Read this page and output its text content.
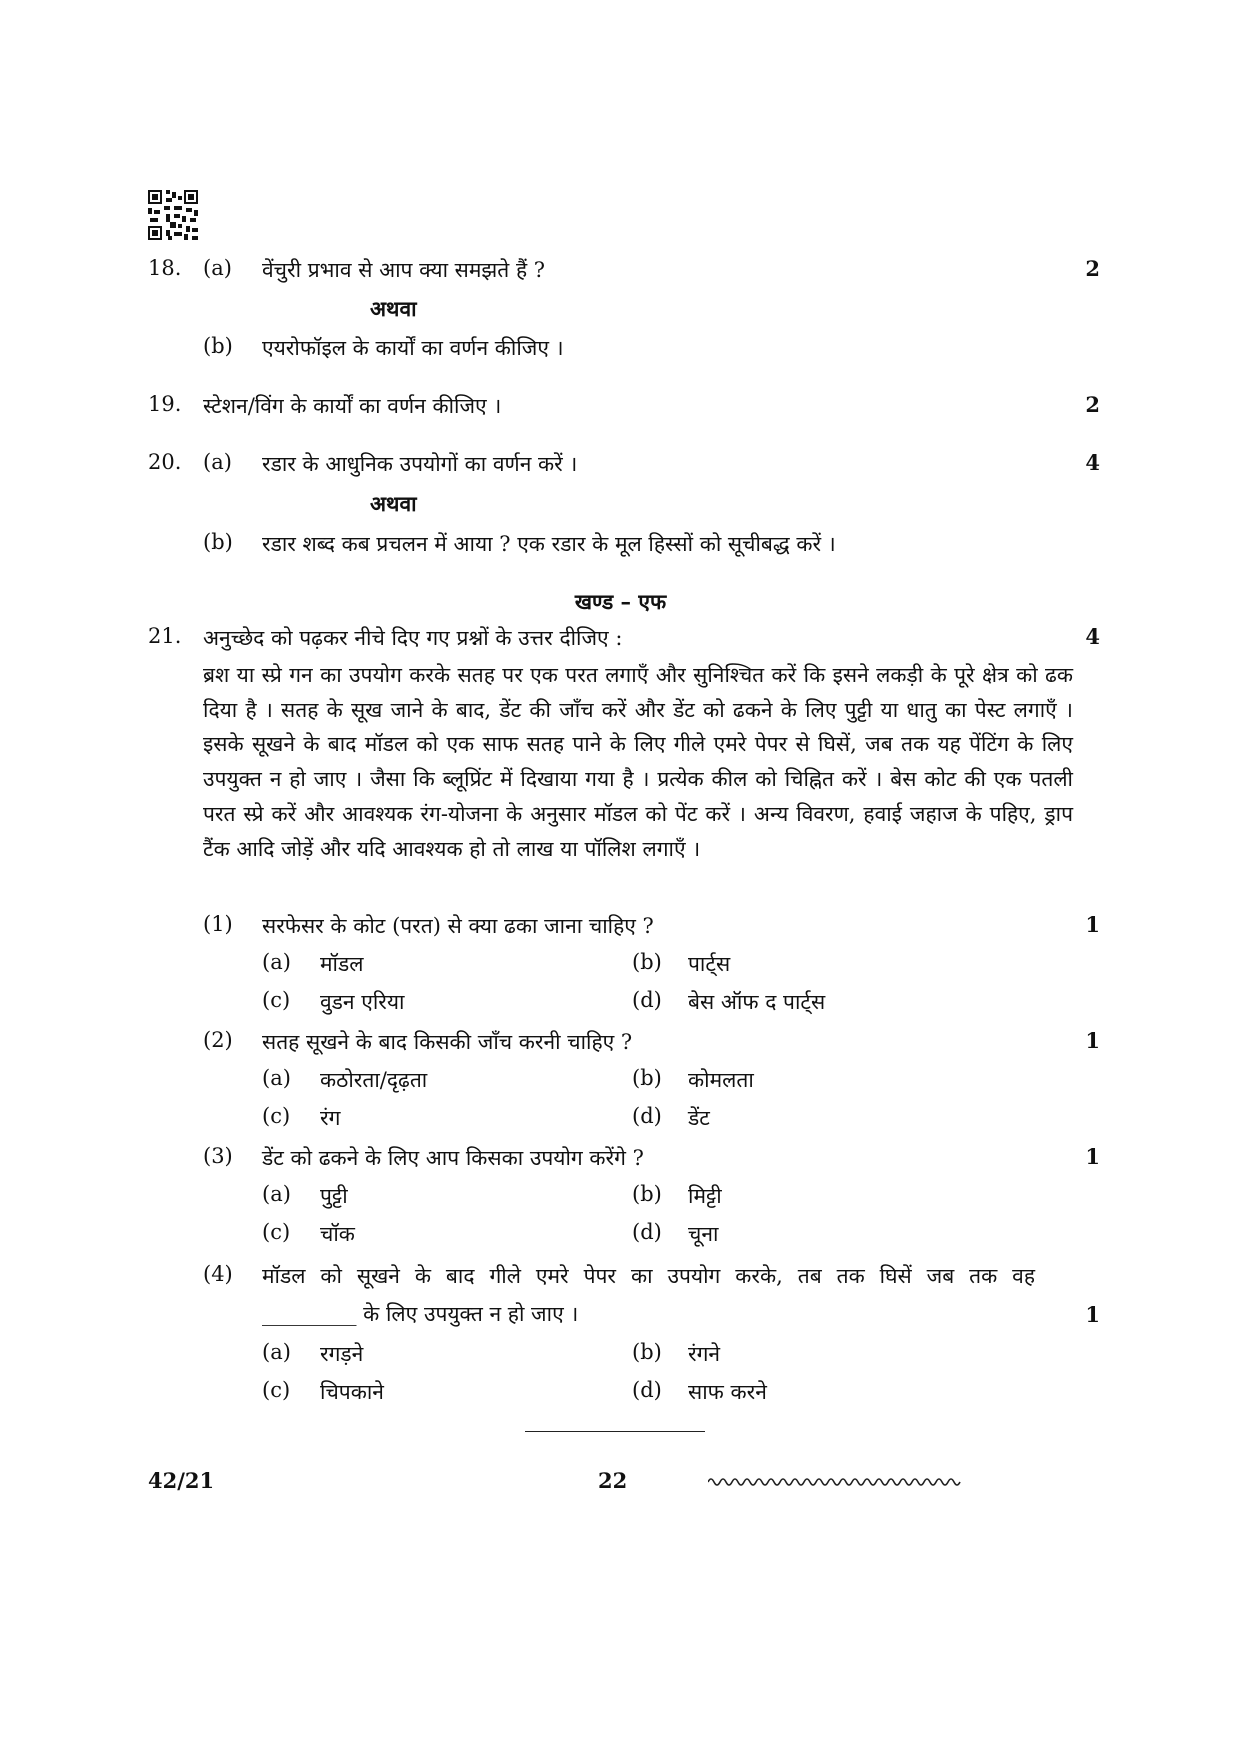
18.	(a) वेंचुरी प्रभाव से आप क्या समझते हैं ?	2
अथवा
(b) एयरोफॉइल के कार्यों का वर्णन कीजिए ।
19.	स्टेशन/विंग के कार्यों का वर्णन कीजिए ।	2
20.	(a) रडार के आधुनिक उपयोगों का वर्णन करें ।	4
अथवा
(b) रडार शब्द कब प्रचलन में आया ? एक रडार के मूल हिस्सों को सूचीबद्ध करें ।
खण्ड – एफ
21.	अनुच्छेद को पढ़कर नीचे दिए गए प्रश्नों के उत्तर दीजिए :	4
ब्रश या स्प्रे गन का उपयोग करके सतह पर एक परत लगाएँ और सुनिश्चित करें कि इसने लकड़ी के पूरे क्षेत्र को ढक दिया है । सतह के सूख जाने के बाद, डेंट की जाँच करें और डेंट को ढकने के लिए पुट्टी या धातु का पेस्ट लगाएँ । इसके सूखने के बाद मॉडल को एक साफ सतह पाने के लिए गीले एमरे पेपर से घिसें, जब तक यह पेंटिंग के लिए उपयुक्त न हो जाए । जैसा कि ब्लूप्रिंट में दिखाया गया है । प्रत्येक कील को चिह्नित करें । बेस कोट की एक पतली परत स्प्रे करें और आवश्यक रंग-योजना के अनुसार मॉडल को पेंट करें । अन्य विवरण, हवाई जहाज के पहिए, ड्राप टैंक आदि जोड़ें और यदि आवश्यक हो तो लाख या पॉलिश लगाएँ ।
(1) सरफेसर के कोट (परत) से क्या ढका जाना चाहिए ?	1
(a) मॉडल	(b) पार्ट्स
(c) वुडन एरिया	(d) बेस ऑफ द पार्ट्स
(2) सतह सूखने के बाद किसकी जाँच करनी चाहिए ?	1
(a) कठोरता/दृढ़ता	(b) कोमलता
(c) रंग	(d) डेंट
(3) डेंट को ढकने के लिए आप किसका उपयोग करेंगे ?	1
(a) पुट्टी	(b) मिट्टी
(c) चॉक	(d) चूना
(4) मॉडल को सूखने के बाद गीले एमरे पेपर का उपयोग करके, तब तक घिसें जब तक वह
_________ के लिए उपयुक्त न हो जाए ।	1
(a) रगड़ने	(b) रंगने
(c) चिपकाने	(d) साफ करने
42/21	22
